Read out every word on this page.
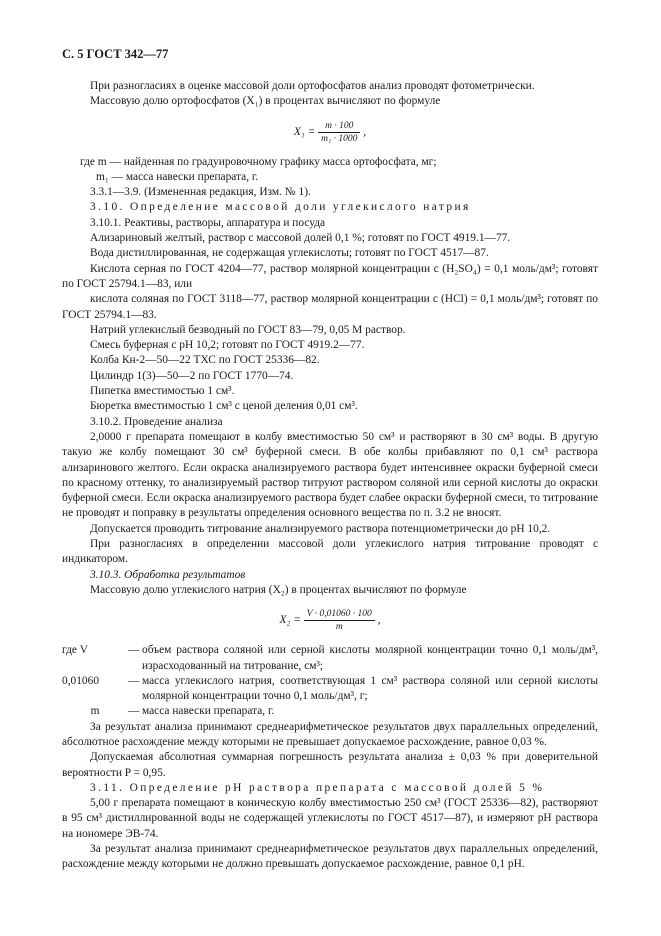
С. 5 ГОСТ 342—77

При разногласиях в оценке массовой доли ортофосфатов анализ проводят фотометрически.

Массовую долю ортофосфатов (X₁) в процентах вычисляют по формуле

$X_1 = \frac{m \cdot 100}{\text{m₁ · 1000}}$ ,

где m — найденная по градуировочному графику масса ортофосфата, мг;

m₁ — масса навески препарата, г.

3.3.1—3.9. (Измененная редакция, Изм. № 1).

3.10. Определение массовой доли углекислого натрия

3.10.1. Реактивы, растворы, аппаратура и посуда

Ализариновый желтый, раствор с массовой долей 0,1 %; готовят по ГОСТ 4919.1—77.

Вода дистиллированная, не содержащая углекислоты; готовят по ГОСТ 4517—87.

Кислота серная по ГОСТ 4204—77, раствор молярной концентрации c (H₂SO₄) = 0,1 моль/дм³; готовят по ГОСТ 25794.1—83, или

кислота соляная по ГОСТ 3118—77, раствор молярной концентрации c (HCl) = 0,1 моль/дм³; готовят по ГОСТ 25794.1—83.

Натрий углекислый безводный по ГОСТ 83—79, 0,05 М раствор.

Смесь буферная с рН 10,2; готовят по ГОСТ 4919.2—77.

Колба Кн-2—50—22 ТХС по ГОСТ 25336—82.

Цилиндр 1(3)—50—2 по ГОСТ 1770—74.

Пипетка вместимостью 1 см³.

Бюретка вместимостью 1 см³ с ценой деления 0,01 см³.

3.10.2. Проведение анализа

2,0000 г препарата помещают в колбу вместимостью 50 см³ и растворяют в 30 см³ воды. В другую такую же колбу помещают 30 см³ буферной смеси. В обе колбы прибавляют по 0,1 см³ раствора ализаринового желтого. Если окраска анализируемого раствора будет интенсивнее окраски буферной смеси по красному оттенку, то анализируемый раствор титруют раствором соляной или серной кислоты до окраски буферной смеси. Если окраска анализируемого раствора будет слабее окраски буферной смеси, то титрование не проводят и поправку в результаты определения основного вещества по п. 3.2 не вносят.

Допускается проводить титрование анализируемого раствора потенциометрически до рН 10,2.

При разногласиях в определении массовой доли углекислого натрия титрование проводят с индикатором.

3.10.3. Обработка результатов

Массовую долю углекислого натрия (X₂) в процентах вычисляют по формуле

$X_2 = \frac{V \cdot 0,01060 \cdot 100}{m}$ ,
где V	— объем раствора соляной или серной кислоты молярной концентрации точно 0,1 моль/дм³, израсходованный на титрование, см³;
0,01060	— масса углекислого натрия, соответствующая 1 см³ раствора соляной или серной кислоты молярной концентрации точно 0,1 моль/дм³, г;
m	— масса навески препарата, г.

За результат анализа принимают среднеарифметическое результатов двух параллельных определений, абсолютное расхождение между которыми не превышает допускаемое расхождение, равное 0,03 %.

Допускаемая абсолютная суммарная погрешность результата анализа ± 0,03 % при доверительной вероятности P = 0,95.

3.11. Определение рН раствора препарата с массовой долей 5 %

5,00 г препарата помещают в коническую колбу вместимостью 250 см³ (ГОСТ 25336—82), растворяют в 95 см³ дистиллированной воды не содержащей углекислоты по ГОСТ 4517—87), и измеряют рН раствора на иономере ЭВ-74.

За результат анализа принимают среднеарифметическое результатов двух параллельных определений, расхождение между которыми не должно превышать допускаемое расхождение, равное 0,1 рН.
